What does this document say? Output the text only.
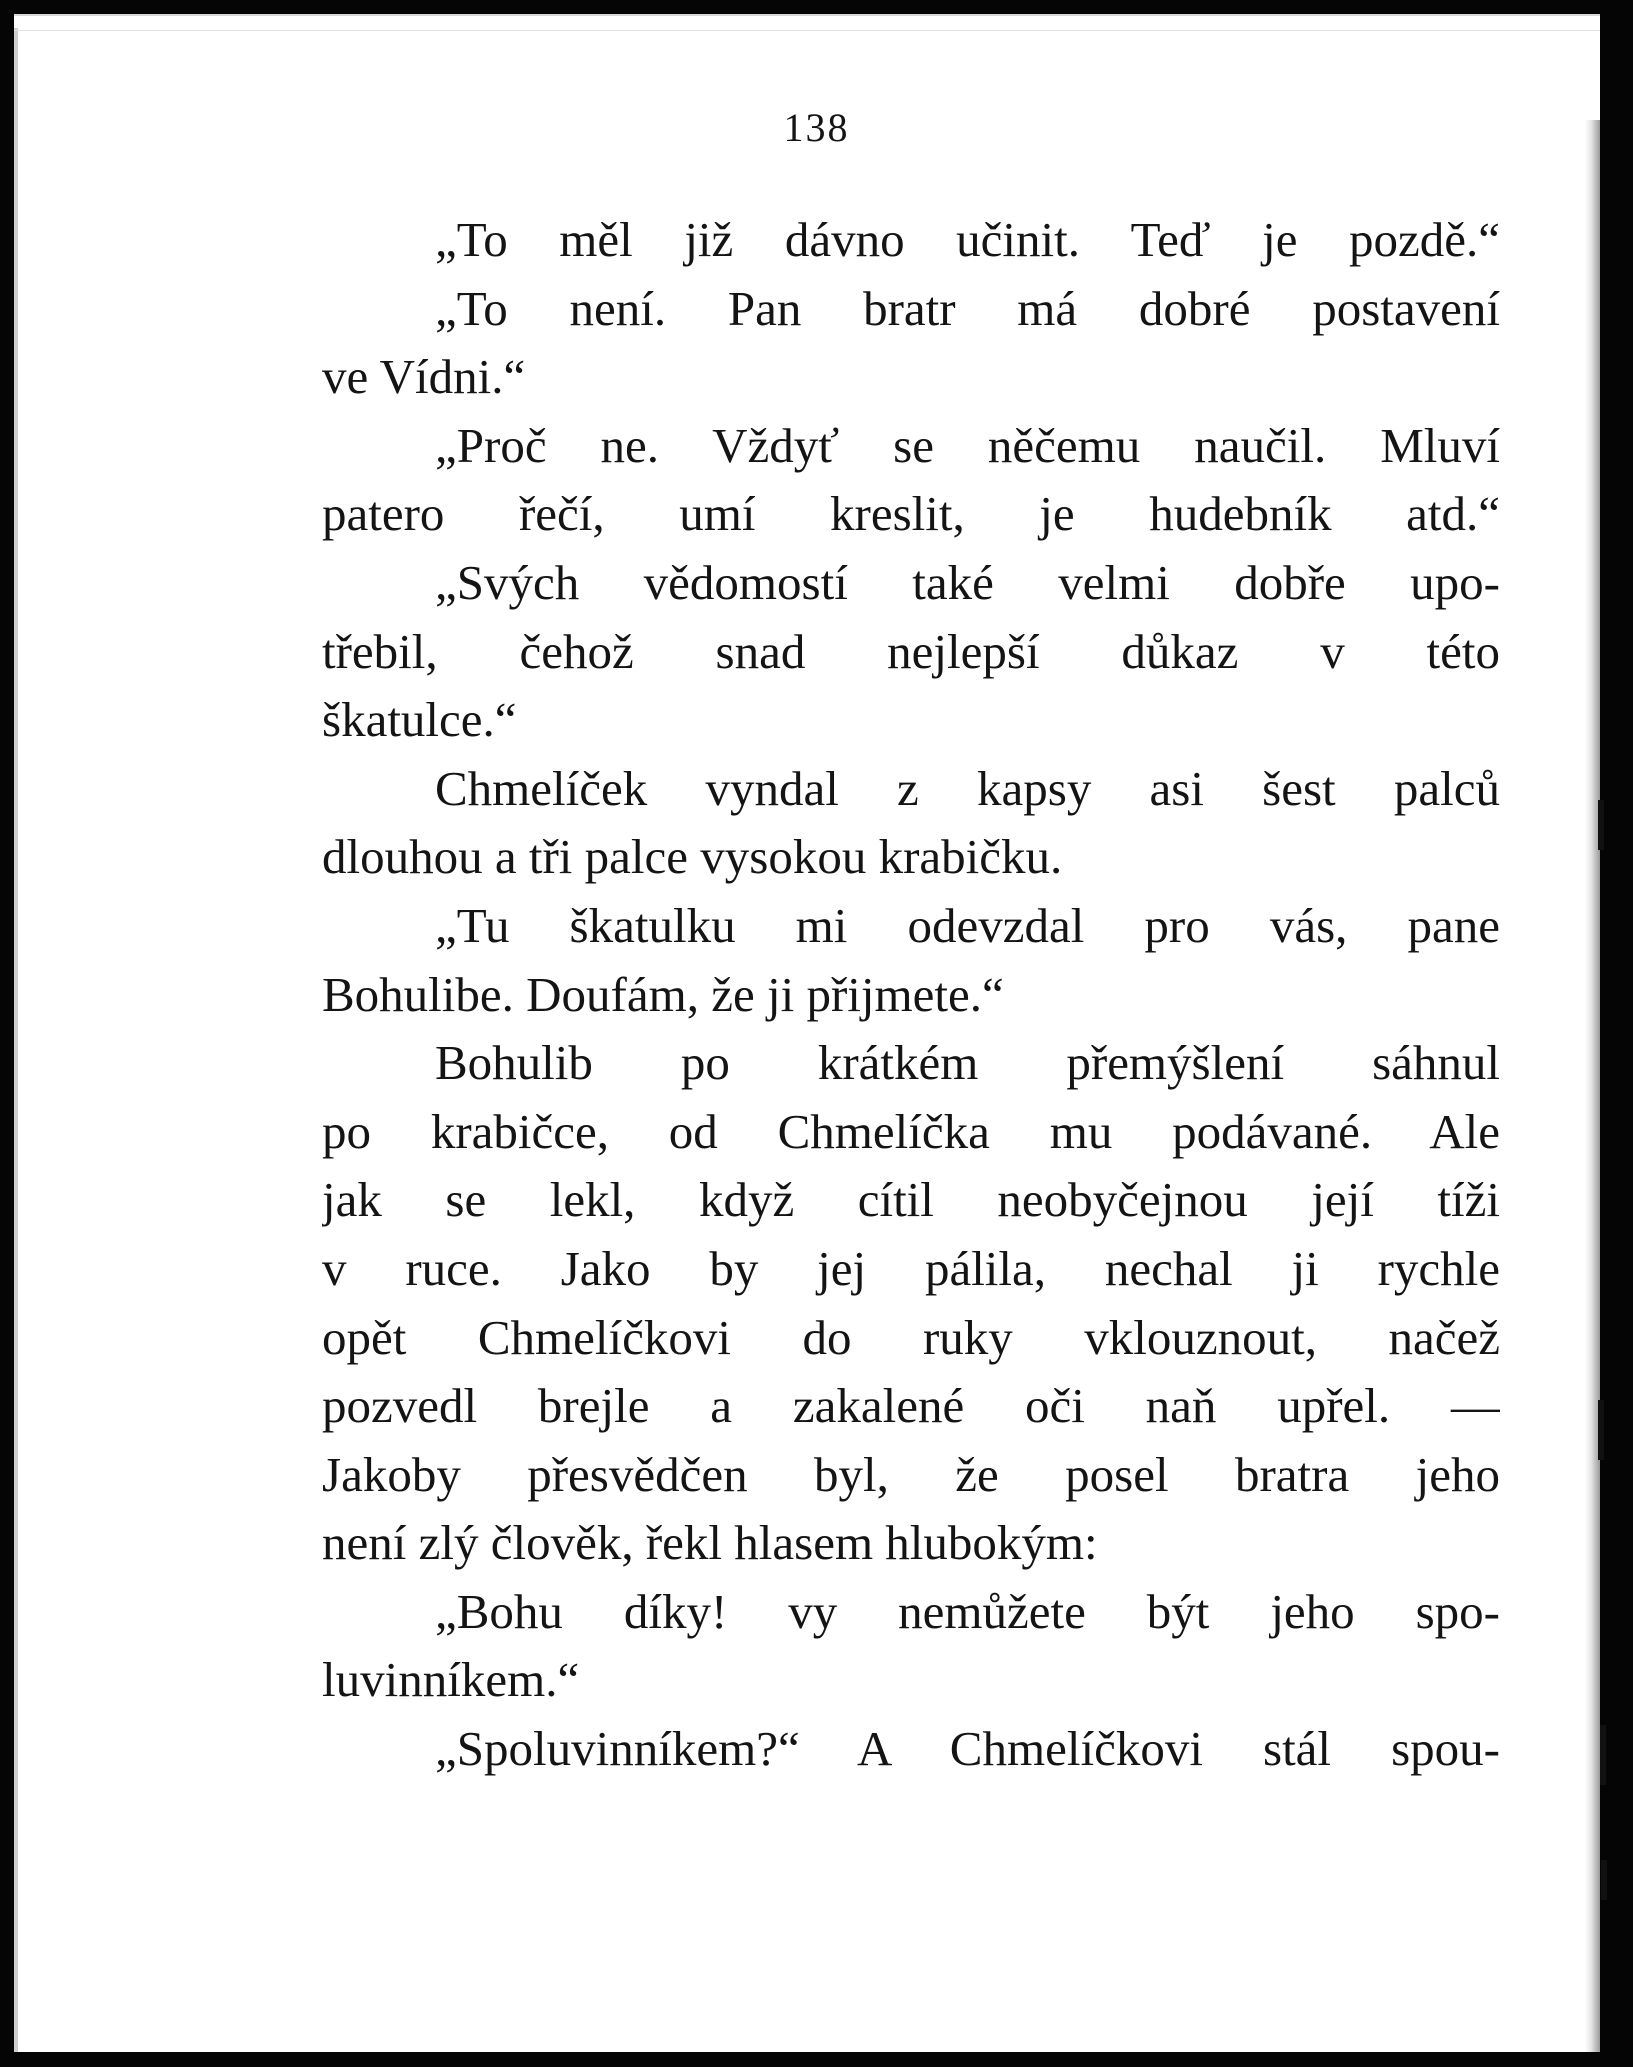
138
„To měl již dávno učinit. Teď je pozdě.“
„To není. Pan bratr má dobré postavení
ve Vídni.“
„Proč ne. Vždyť se něčemu naučil. Mluví
patero řečí, umí kreslit, je hudebník atd.“
„Svých vědomostí také velmi dobře upo-
třebil, čehož snad nejlepší důkaz v této
škatulce.“
Chmelíček vyndal z kapsy asi šest palců
dlouhou a tři palce vysokou krabičku.
„Tu škatulku mi odevzdal pro vás, pane
Bohulibe. Doufám, že ji přijmete.“
Bohulib po krátkém přemýšlení sáhnul
po krabičce, od Chmelíčka mu podávané. Ale
jak se lekl, když cítil neobyčejnou její tíži
v ruce. Jako by jej pálila, nechal ji rychle
opět Chmelíčkovi do ruky vklouznout, načež
pozvedl brejle a zakalené oči naň upřel. —
Jakoby přesvědčen byl, že posel bratra jeho
není zlý člověk, řekl hlasem hlubokým:
„Bohu díky! vy nemůžete být jeho spo-
luvinníkem.“
„Spoluvinníkem?“ A Chmelíčkovi stál spou-
